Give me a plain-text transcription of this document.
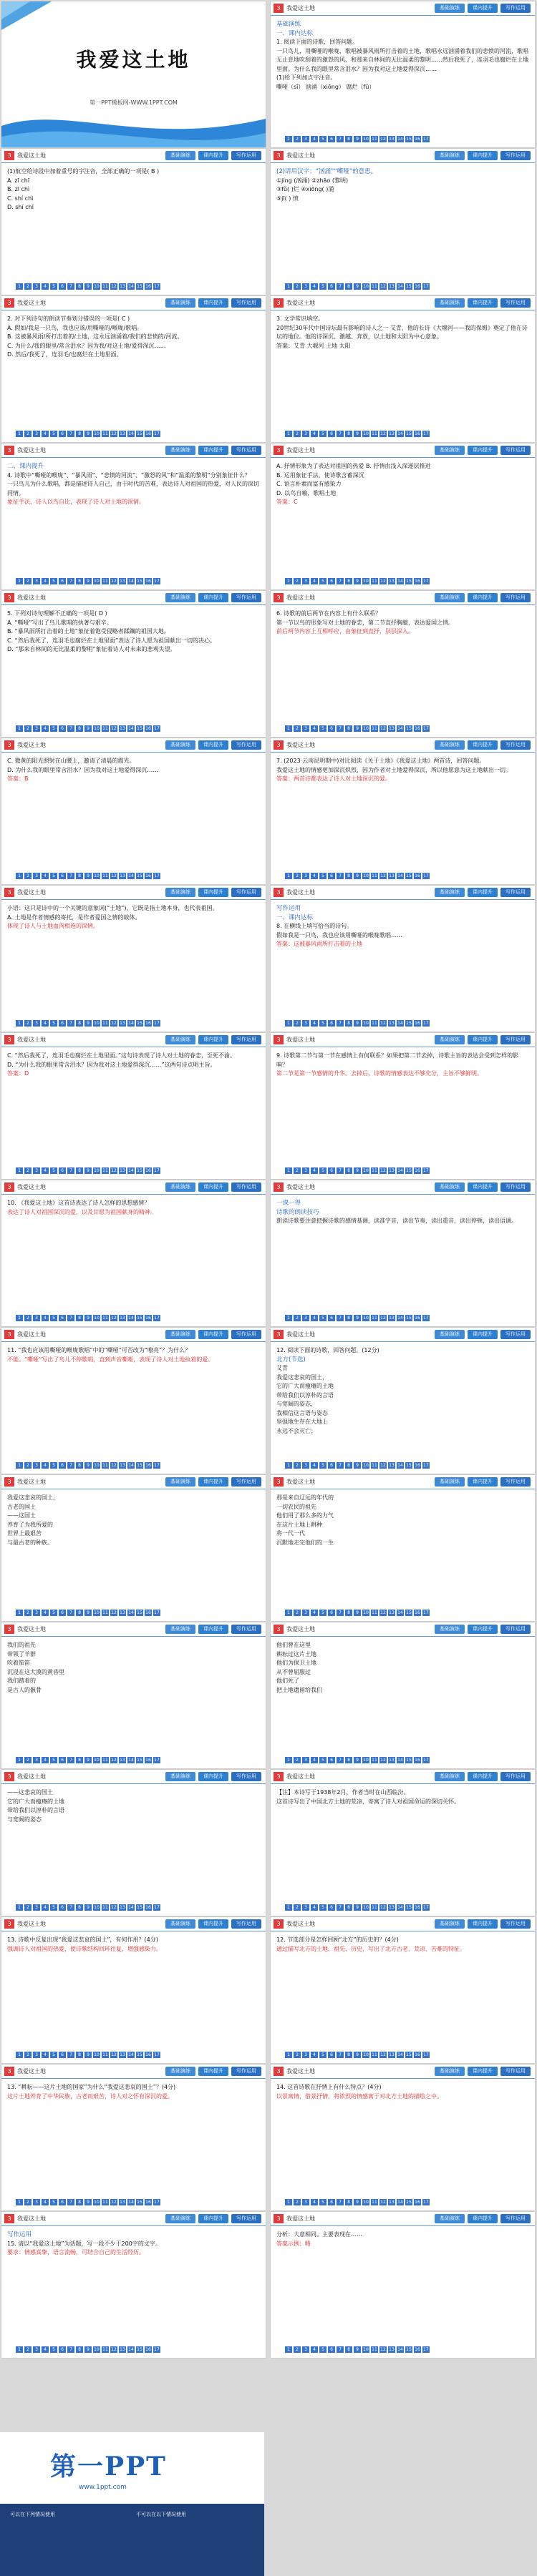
我爱这土地
第一PPT模板网-WWW.1PPT.COM
3	我爱这土地	基础演练	课内提升	写作运用
基础演练
一、课内达标
1. 阅读下面的诗歌，回答问题。
一只鸟儿，用嘶哑的喉咙，歌唱被暴风雨所打击着的土地，歌唱永远汹涌着我们的悲愤的河流，歌唱无止息地吹刮着的激怒的风，和那来自林间的无比温柔的黎明……然后我死了，连羽毛也腐烂在土地里面。为什么我的眼里常含泪水？因为我对这土地爱得深沉……
(1)给下列加点字注音。
嘶哑（sī） 汹涌（xiōng） 腐烂（fǔ）
1	2	3	4	5	6	7	8	9	10 11 12 13 14 15 16 17
3	我爱这土地	基础演练	课内提升	写作运用
(1)航空给诗段中加着重号的字注音，全部正确的一项是( B )
A. zī chī
B. zī chì
C. shí chì
D. shí chī
1	2	3	4	5	6	7	8	9	10 11 12 13 14 15 16 17
3	我爱这土地	基础演练	课内提升	写作运用
(2)请用汉字：“汹涌”“嘶哑”的意思。
①jíng (汹涌) ②zhāo (黎明)
③fǔ( )烂 ④xiōng( )涌
⑤jī( ) 愤
1	2	3	4	5	6	7	8	9	10 11 12 13 14 15 16 17
3	我爱这土地	基础演练	课内提升	写作运用
2. 对下列诗句的朗读节奏划分错误的一项是( C )
A. 假如/我是一只鸟，我也应该/用嘶哑的/喉咙/歌唱。
B. 这被暴风雨/所打击着的/土地，这永远汹涌着/我们的悲愤的/河流。
C. 为什么/我的眼里/常含泪水？因为我/对这土地/爱得深沉……
D. 然后/我死了，连羽毛/也腐烂在土地里面。
1	2	3	4	5	6	7	8	9	10 11 12 13 14 15 16 17
3	我爱这土地	基础演练	课内提升	写作运用
3. 文学常识填空。
20世纪30年代中国诗坛最有影响的诗人之一 艾青，他的长诗《大堰河——我的保姆》奠定了他在诗坛的地位。他的诗深沉、激越、奔放，以土地和太阳为中心意象。
答案：艾青 大堰河 土地 太阳
1	2	3	4	5	6	7	8	9	10 11 12 13 14 15 16 17
3	我爱这土地	基础演练	课内提升	写作运用
二、课内提升
4. 诗歌中“嘶哑的喉咙”、“暴风雨”、“悲愤的河流”、“激怒的风”和“温柔的黎明”分别象征什么？
一只鸟儿为什么歌唱，都是描述诗人自己，由于时代的苦难，表达诗人对祖国的热爱，对人民的深切同情。
象征手法，诗人以鸟自比，表现了诗人对土地的深情。
1	2	3	4	5	6	7	8	9	10 11 12 13 14 15 16 17
3	我爱这土地	基础演练	课内提升	写作运用
A. 抒情形象为了表达对祖国的热爱 B. 抒情由浅入深逐层推进
B. 运用象征手法，使诗歌含蓄深沉
C. 语言朴素而富有感染力
D. 以鸟自喻，歌唱土地
答案：C
1	2	3	4	5	6	7	8	9	10 11 12 13 14 15 16 17
3	我爱这土地	基础演练	课内提升	写作运用
5. 下列对诗句理解不正确的一项是( D )
A. “嘶哑”写出了鸟儿歌唱的执著与艰辛。
B. “暴风雨所打击着的土地”象征着饱受侵略者蹂躏的祖国大地。
C. “然后我死了，连羽毛也腐烂在土地里面”表达了诗人愿为祖国献出一切的决心。
D. “那来自林间的无比温柔的黎明”象征着诗人对未来的悲观失望。
1	2	3	4	5	6	7	8	9	10 11 12 13 14 15 16 17
3	我爱这土地	基础演练	课内提升	写作运用
6. 诗歌的前后两节在内容上有什么联系？
第一节以鸟的形象写对土地的眷恋，第二节直抒胸臆，表达爱国之情。
前后两节内容上互相呼应，由象征到直抒，层层深入。
1	2	3	4	5	6	7	8	9	10 11 12 13 14 15 16 17
3	我爱这土地	基础演练	课内提升	写作运用
C. 微黄的阳光照射在山腰上，邀请了清晨的霞光。
D. 为什么我的眼里常含泪水？因为我对这土地爱得深沉……
答案：B
1	2	3	4	5	6	7	8	9	10 11 12 13 14 15 16 17
3	我爱这土地	基础演练	课内提升	写作运用
7. (2023·云南昆明期中)对比阅读《关于土地》《我爱这土地》两首诗，回答问题。
我爱这土地的情感更加深沉炽烈，因为作者对土地爱得深沉，所以他愿意为这土地献出一切。
答案：两首诗都表达了诗人对土地深沉的爱。
1	2	3	4	5	6	7	8	9	10 11 12 13 14 15 16 17
3	我爱这土地	基础演练	课内提升	写作运用
小语：这只是诗中的一个关键的意象词(“土地”)，它既是指土地本身，也代表祖国。
A. 土地是作者情感的寄托，是作者爱国之情的载体。
体现了诗人与土地血肉相连的深情。
1	2	3	4	5	6	7	8	9	10 11 12 13 14 15 16 17
3	我爱这土地	基础演练	课内提升	写作运用
写作运用
一、课内达标
8. 在横线上填写恰当的诗句。
假如我是一只鸟，我也应该用嘶哑的喉咙歌唱……
答案：这被暴风雨所打击着的土地
1	2	3	4	5	6	7	8	9	10 11 12 13 14 15 16 17
3	我爱这土地	基础演练	课内提升	写作运用
C. “然后我死了，连羽毛也腐烂在土地里面。”这句诗表现了诗人对土地的眷恋，至死不渝。
D. “为什么我的眼里常含泪水？因为我对这土地爱得深沉……”这两句诗点明主旨。
答案：D
1	2	3	4	5	6	7	8	9	10 11 12 13 14 15 16 17
3	我爱这土地	基础演练	课内提升	写作运用
9. 诗歌第二节与第一节在感情上有何联系？如果把第二节去掉，诗歌主旨的表达会受到怎样的影响？
第二节是第一节感情的升华。去掉后，诗歌的情感表达不够充分，主旨不够鲜明。
1	2	3	4	5	6	7	8	9	10 11 12 13 14 15 16 17
3	我爱这土地	基础演练	课内提升	写作运用
10. 《我爱这土地》这首诗表达了诗人怎样的思想感情？
表达了诗人对祖国深沉的爱，以及甘愿为祖国献身的精神。
1	2	3	4	5	6	7	8	9	10 11 12 13 14 15 16 17
3	我爱这土地	基础演练	课内提升	写作运用
一课一得
诗歌的朗读技巧
朗读诗歌要注意把握诗歌的感情基调，读准字音，读出节奏，读出重音，读出停顿，读出语调。
1	2	3	4	5	6	7	8	9	10 11 12 13 14 15 16 17
3	我爱这土地	基础演练	课内提升	写作运用
11. “我也应该用嘶哑的喉咙歌唱”中的“嘶哑”可否改为“嘹亮”？为什么？
不能。“嘶哑”写出了鸟儿不停歌唱，直到声音嘶哑，表现了诗人对土地执着的爱。
1	2	3	4	5	6	7	8	9	10 11 12 13 14 15 16 17
3	我爱这土地	基础演练	课内提升	写作运用
12. 阅读下面的诗歌，回答问题。(12分)
北方(节选)
艾青
我爱这悲哀的国土，
它的广大而瘦瘠的土地
带给我们以淳朴的言语
与宽阔的姿态，
我相信这言语与姿态
坚强地生存在大地上
永远不会灭亡；
1	2	3	4	5	6	7	8	9	10 11 12 13 14 15 16 17
3	我爱这土地	基础演练	课内提升	写作运用
我爱这悲哀的国土，
古老的国土
——这国土
养育了为我所爱的
世界上最艰苦
与最古老的种族。
1	2	3	4	5	6	7	8	9	10 11 12 13 14 15 16 17
3	我爱这土地	基础演练	课内提升	写作运用
那是来自辽远的年代的
一切农民的祖先
他们用了那么多的力气
在这片土地上耕种
将一代一代
沉默地走完他们的一生
1	2	3	4	5	6	7	8	9	10 11 12 13 14 15 16 17
3	我爱这土地	基础演练	课内提升	写作运用
我们的祖先
带领了羊群
吹着笳笛
沉浸在这大漠的黄昏里
我们踏着的
是古人的骸骨
1	2	3	4	5	6	7	8	9	10 11 12 13 14 15 16 17
3	我爱这土地	基础演练	课内提升	写作运用
他们曾在这里
耕耘过这片土地
他们为保卫土地
从不曾屈服过
他们死了
把土地遗留给我们
1	2	3	4	5	6	7	8	9	10 11 12 13 14 15 16 17
3	我爱这土地	基础演练	课内提升	写作运用
——这悲哀的国土
它的广大而瘦瘠的土地
带给我们以淳朴的言语
与宽阔的姿态
1	2	3	4	5	6	7	8	9	10 11 12 13 14 15 16 17
3	我爱这土地	基础演练	课内提升	写作运用
【注】本诗写于1938年2月，作者当时在山西临汾。
这首诗写出了中国北方土地的荒凉，寄寓了诗人对祖国命运的深切关怀。
1	2	3	4	5	6	7	8	9	10 11 12 13 14 15 16 17
3	我爱这土地	基础演练	课内提升	写作运用
13. 诗歌中反复出现“我爱这悲哀的国土”，有何作用？(4分)
强调诗人对祖国的热爱，使诗歌结构回环往复，增强感染力。
1	2	3	4	5	6	7	8	9	10 11 12 13 14 15 16 17
3	我爱这土地	基础演练	课内提升	写作运用
12. 节选部分是怎样回顾“北方”的历史的？(4分)
通过描写北方的土地、祖先、历史，写出了北方古老、荒凉、苦难的特征。
1	2	3	4	5	6	7	8	9	10 11 12 13 14 15 16 17
3	我爱这土地	基础演练	课内提升	写作运用
13. “耕耘——这片土地的国家”为什么“我爱这悲哀的国土”？(4分)
这片土地养育了中华民族，古老而艰苦，诗人对之怀有深沉的爱。
1	2	3	4	5	6	7	8	9	10 11 12 13 14 15 16 17
3	我爱这土地	基础演练	课内提升	写作运用
14. 这首诗歌在抒情上有什么特点？(4分)
以景寓情，借景抒情，将浓烈的情感寓于对北方土地的描绘之中。
1	2	3	4	5	6	7	8	9	10 11 12 13 14 15 16 17
3	我爱这土地	基础演练	课内提升	写作运用
写作运用
15. 请以“我爱这土地”为话题，写一段不少于200字的文字。
要求：情感真挚，语言流畅，可结合自己的生活经历。
1	2	3	4	5	6	7	8	9	10 11 12 13 14 15 16 17
3	我爱这土地	基础演练	课内提升	写作运用
分析：大意相同。主要表现在……
答案示例：略
1	2	3	4	5	6	7	8	9	10 11 12 13 14 15 16 17
第一PPT
www.1ppt.com
可以在下列情况使用	不可以在以下情况使用
